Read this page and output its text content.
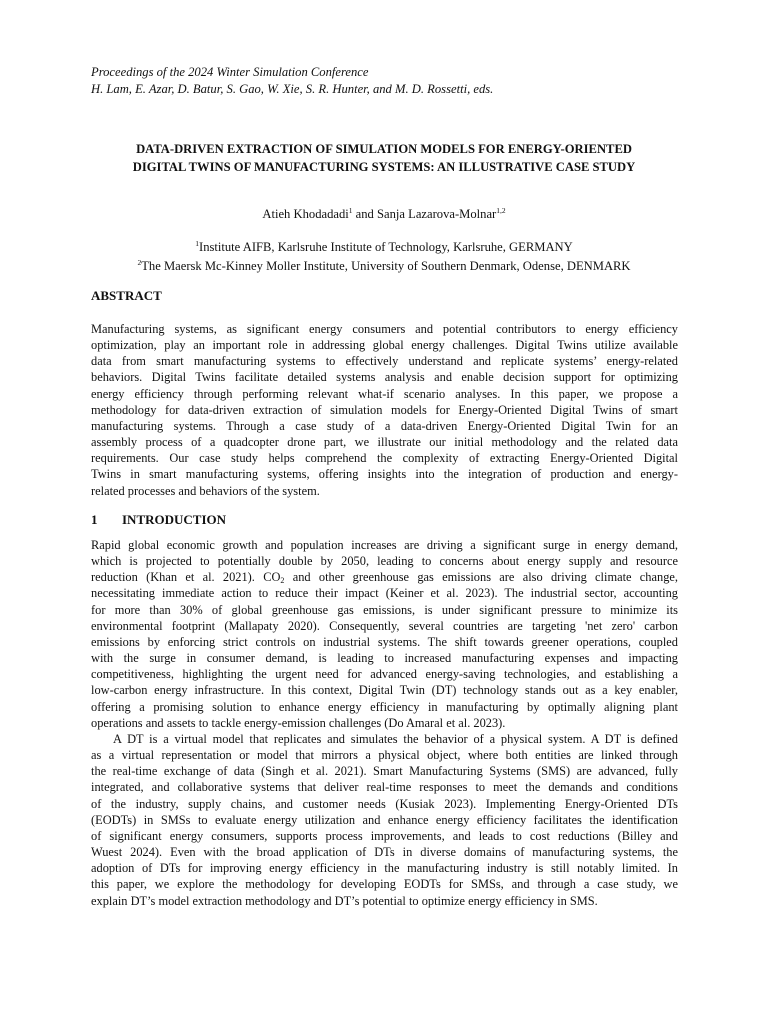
Proceedings of the 2024 Winter Simulation Conference
H. Lam, E. Azar, D. Batur, S. Gao, W. Xie, S. R. Hunter, and M. D. Rossetti, eds.
DATA-DRIVEN EXTRACTION OF SIMULATION MODELS FOR ENERGY-ORIENTED
DIGITAL TWINS OF MANUFACTURING SYSTEMS: AN ILLUSTRATIVE CASE STUDY
Atieh Khodadadi$^1$ and Sanja Lazarova-Molnar$^{1,2}$
$^1$Institute AIFB, Karlsruhe Institute of Technology, Karlsruhe, GERMANY
$^2$The Maersk Mc-Kinney Moller Institute, University of Southern Denmark, Odense, DENMARK
ABSTRACT
Manufacturing systems, as significant energy consumers and potential contributors to energy efficiency
optimization, play an important role in addressing global energy challenges. Digital Twins utilize available
data from smart manufacturing systems to effectively understand and replicate systems’ energy-related
behaviors. Digital Twins facilitate detailed systems analysis and enable decision support for optimizing
energy efficiency through performing relevant what-if scenario analyses. In this paper, we propose a
methodology for data-driven extraction of simulation models for Energy-Oriented Digital Twins of smart
manufacturing systems. Through a case study of a data-driven Energy-Oriented Digital Twin for an
assembly process of a quadcopter drone part, we illustrate our initial methodology and the related data
requirements. Our case study helps comprehend the complexity of extracting Energy-Oriented Digital
Twins in smart manufacturing systems, offering insights into the integration of production and energy-
related processes and behaviors of the system.
1 INTRODUCTION
Rapid global economic growth and population increases are driving a significant surge in energy demand,
which is projected to potentially double by 2050, leading to concerns about energy supply and resource
reduction (Khan et al. 2021). $CO_2$ and other greenhouse gas emissions are also driving climate change,
necessitating immediate action to reduce their impact (Keiner et al. 2023). The industrial sector, accounting
for more than 30% of global greenhouse gas emissions, is under significant pressure to minimize its
environmental footprint (Mallapaty 2020). Consequently, several countries are targeting 'net zero' carbon
emissions by enforcing strict controls on industrial systems. The shift towards greener operations, coupled
with the surge in consumer demand, is leading to increased manufacturing expenses and impacting
competitiveness, highlighting the urgent need for advanced energy-saving technologies, and establishing a
low-carbon energy infrastructure. In this context, Digital Twin (DT) technology stands out as a key enabler,
offering a promising solution to enhance energy efficiency in manufacturing by optimally aligning plant
operations and assets to tackle energy-emission challenges (Do Amaral et al. 2023).
A DT is a virtual model that replicates and simulates the behavior of a physical system. A DT is defined
as a virtual representation or model that mirrors a physical object, where both entities are linked through
the real-time exchange of data (Singh et al. 2021). Smart Manufacturing Systems (SMS) are advanced, fully
integrated, and collaborative systems that deliver real-time responses to meet the demands and conditions
of the industry, supply chains, and customer needs (Kusiak 2023). Implementing Energy-Oriented DTs
(EODTs) in SMSs to evaluate energy utilization and enhance energy efficiency facilitates the identification
of significant energy consumers, supports process improvements, and leads to cost reductions (Billey and
Wuest 2024). Even with the broad application of DTs in diverse domains of manufacturing systems, the
adoption of DTs for improving energy efficiency in the manufacturing industry is still notably limited. In
this paper, we explore the methodology for developing EODTs for SMSs, and through a case study, we
explain DT’s model extraction methodology and DT’s potential to optimize energy efficiency in SMS.
